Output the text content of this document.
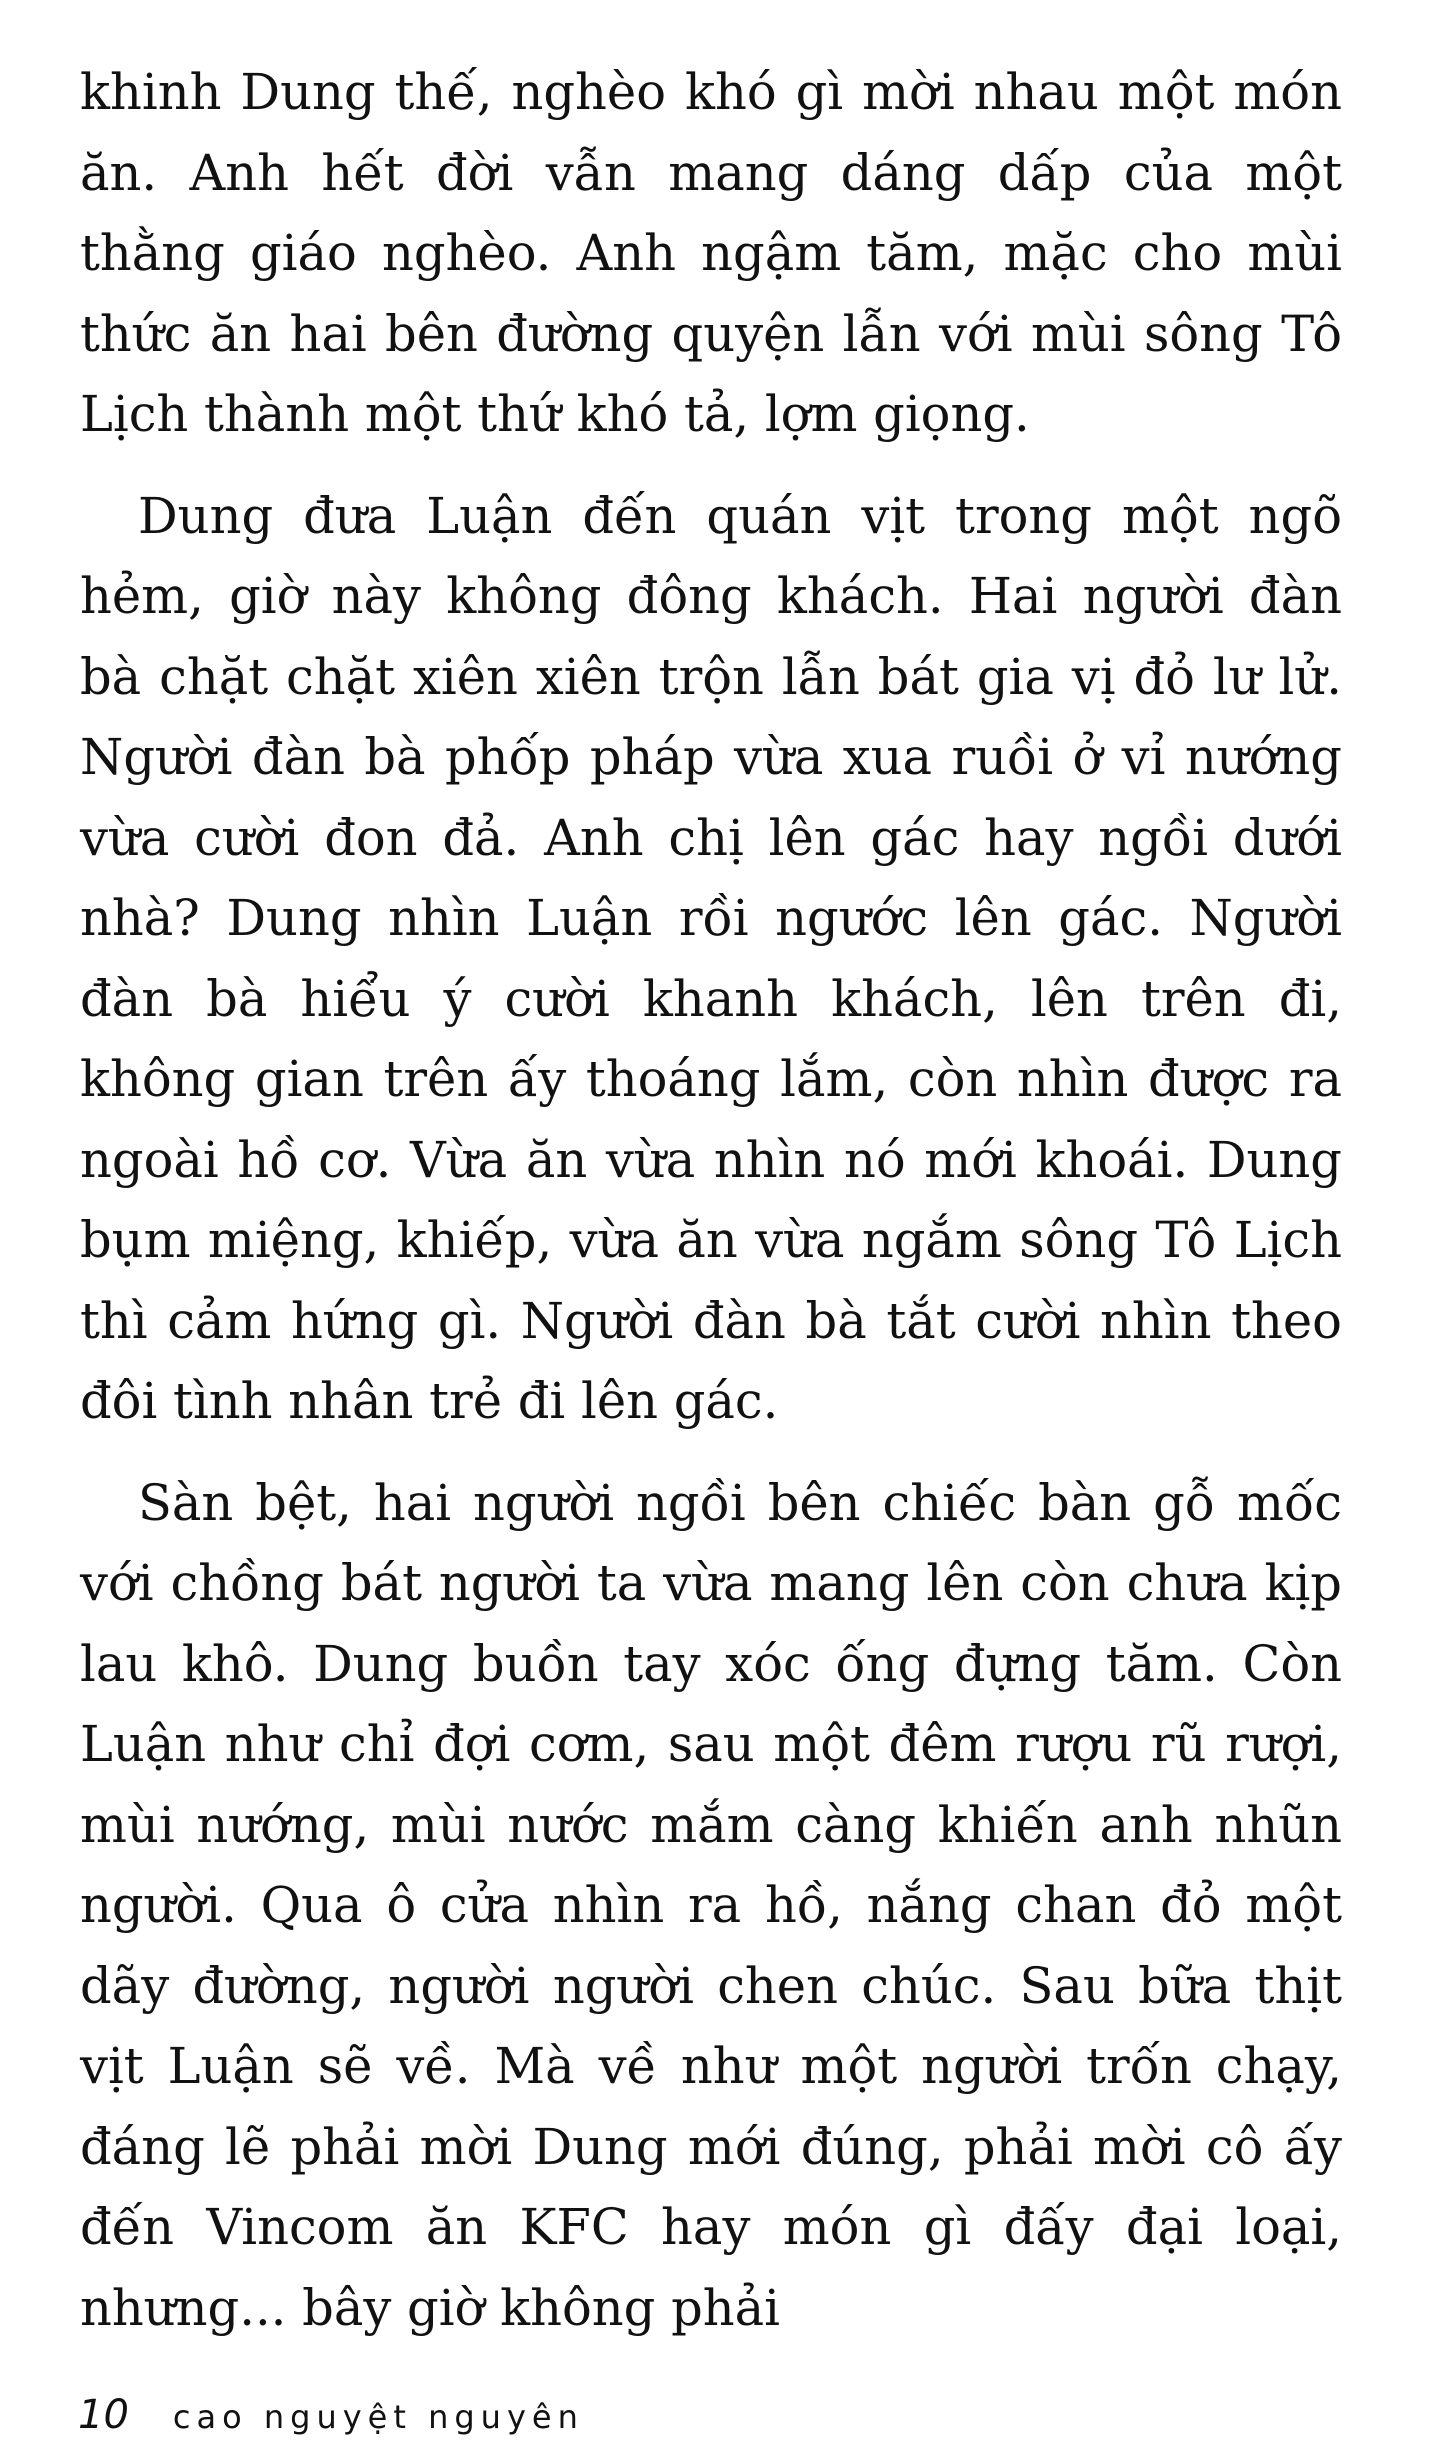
khinh Dung thế, nghèo khó gì mời nhau một món ăn. Anh hết đời vẫn mang dáng dấp của một thằng giáo nghèo. Anh ngậm tăm, mặc cho mùi thức ăn hai bên đường quyện lẫn với mùi sông Tô Lịch thành một thứ khó tả, lợm giọng.

Dung đưa Luận đến quán vịt trong một ngõ hẻm, giờ này không đông khách. Hai người đàn bà chặt chặt xiên xiên trộn lẫn bát gia vị đỏ lư lử. Người đàn bà phốp pháp vừa xua ruồi ở vỉ nướng vừa cười đon đả. Anh chị lên gác hay ngồi dưới nhà? Dung nhìn Luận rồi ngước lên gác. Người đàn bà hiểu ý cười khanh khách, lên trên đi, không gian trên ấy thoáng lắm, còn nhìn được ra ngoài hồ cơ. Vừa ăn vừa nhìn nó mới khoái. Dung bụm miệng, khiếp, vừa ăn vừa ngắm sông Tô Lịch thì cảm hứng gì. Người đàn bà tắt cười nhìn theo đôi tình nhân trẻ đi lên gác.

Sàn bệt, hai người ngồi bên chiếc bàn gỗ mốc với chồng bát người ta vừa mang lên còn chưa kịp lau khô. Dung buồn tay xóc ống đựng tăm. Còn Luận như chỉ đợi cơm, sau một đêm rượu rũ rượi, mùi nướng, mùi nước mắm càng khiến anh nhũn người. Qua ô cửa nhìn ra hồ, nắng chan đỏ một dãy đường, người người chen chúc. Sau bữa thịt vịt Luận sẽ về. Mà về như một người trốn chạy, đáng lẽ phải mời Dung mới đúng, phải mời cô ấy đến Vincom ăn KFC hay món gì đấy đại loại, nhưng... bây giờ không phải

10 cao nguyệt nguyên
